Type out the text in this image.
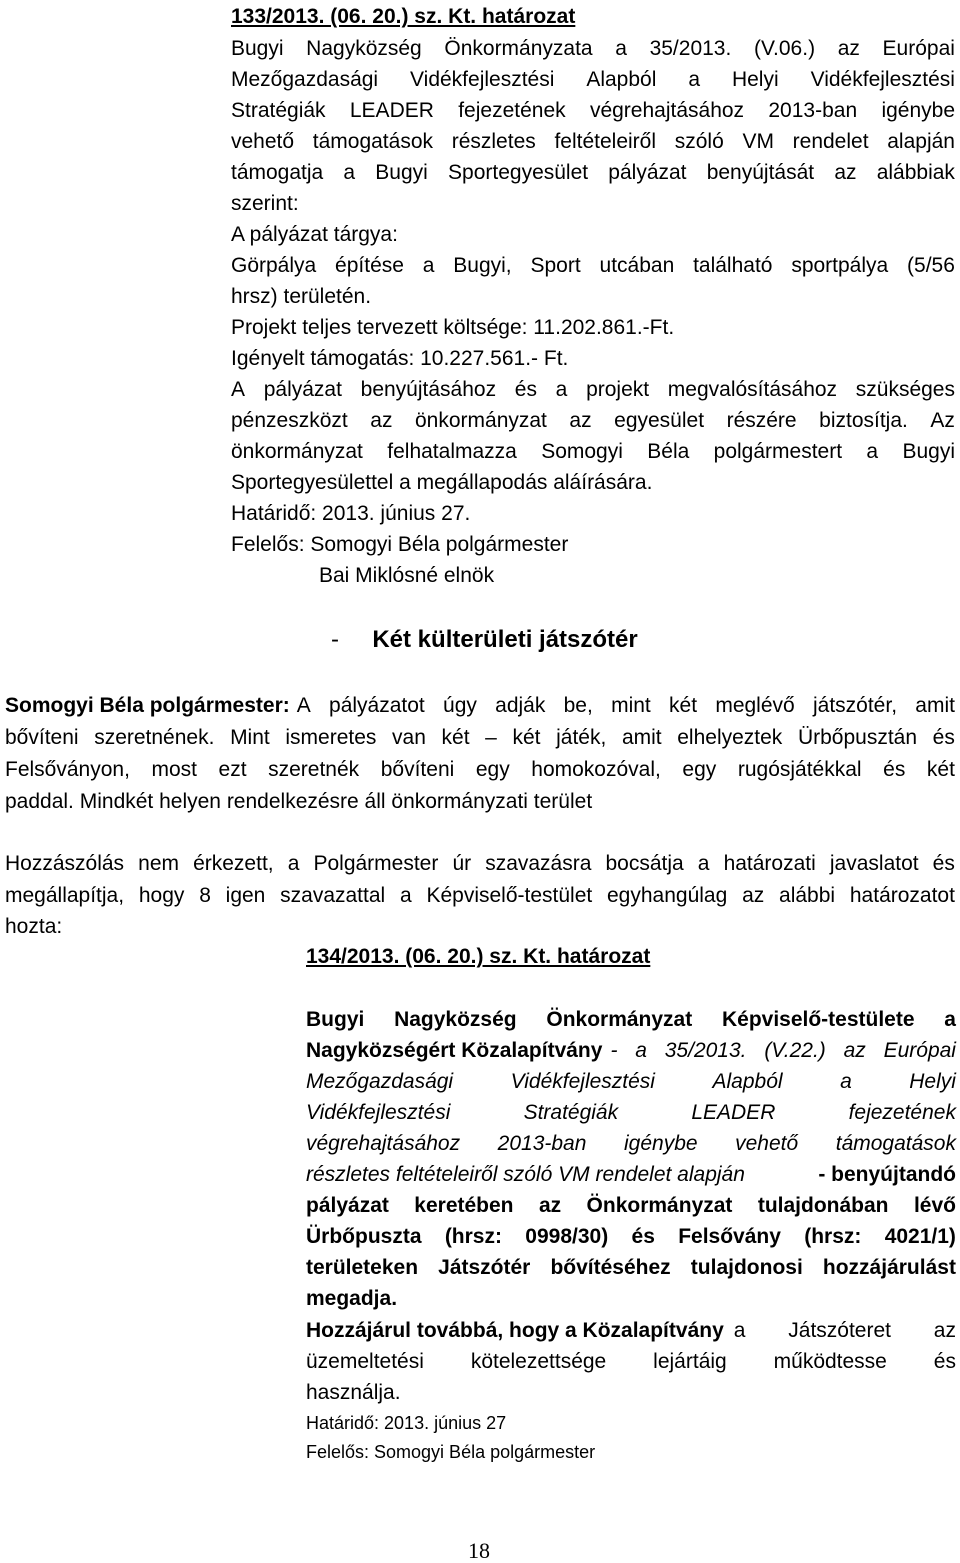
133/2013. (06. 20.) sz. Kt. határozat
Bugyi Nagyközség Önkormányzata a 35/2013. (V.06.) az Európai
Mezőgazdasági Vidékfejlesztési Alapból a Helyi Vidékfejlesztési
Stratégiák LEADER fejezetének végrehajtásához 2013-ban igénybe
vehető támogatások részletes feltételeiről szóló VM rendelet alapján
támogatja a Bugyi Sportegyesület pályázat benyújtását az alábbiak
szerint:
A pályázat tárgya:
Görpálya építése a Bugyi, Sport utcában található sportpálya (5/56
hrsz) területén.
Projekt teljes tervezett költsége: 11.202.861.-Ft.
Igényelt támogatás: 10.227.561.- Ft.
A pályázat benyújtásához és a projekt megvalósításához szükséges
pénzeszközt az önkormányzat az egyesület részére biztosítja. Az
önkormányzat felhatalmazza Somogyi Béla polgármestert a Bugyi
Sportegyesülettel a megállapodás aláírására.
Határidő: 2013. június 27.
Felelős: Somogyi Béla polgármester
Bai Miklósné elnök
- Két külterületi játszótér
Somogyi Béla polgármester: A pályázatot úgy adják be, mint két meglévő játszótér, amit
bővíteni szeretnének. Mint ismeretes van két – két játék, amit elhelyeztek Ürbőpusztán és
Felsőványon, most ezt szeretnék bővíteni egy homokozóval, egy rugósjátékkal és két
paddal. Mindkét helyen rendelkezésre áll önkormányzati terület
Hozzászólás nem érkezett, a Polgármester úr szavazásra bocsátja a határozati javaslatot és
megállapítja, hogy 8 igen szavazattal a Képviselő-testület egyhangúlag az alábbi határozatot
hozta:
134/2013. (06. 20.) sz. Kt. határozat
Bugyi Nagyközség Önkormányzat Képviselő-testülete a
Nagyközségért Közalapítvány - a 35/2013. (V.22.) az Európai
Mezőgazdasági	Vidékfejlesztési	Alapból	a	Helyi
Vidékfejlesztési	Stratégiák	LEADER	fejezetének
végrehajtásához 2013-ban igénybe vehető támogatások
részletes feltételeiről szóló VM rendelet alapján	- benyújtandó
pályázat keretében az Önkormányzat tulajdonában lévő
Ürbőpuszta (hrsz: 0998/30) és Felsővány (hrsz: 4021/1)
területeken Játszótér bővítéséhez tulajdonosi hozzájárulást
megadja.
Hozzájárul továbbá, hogy a Közalapítvány a Játszóteret az
üzemeltetési kötelezettsége lejártáig működtesse és
használja.
Határidő: 2013. június 27
Felelős: Somogyi Béla polgármester
18
